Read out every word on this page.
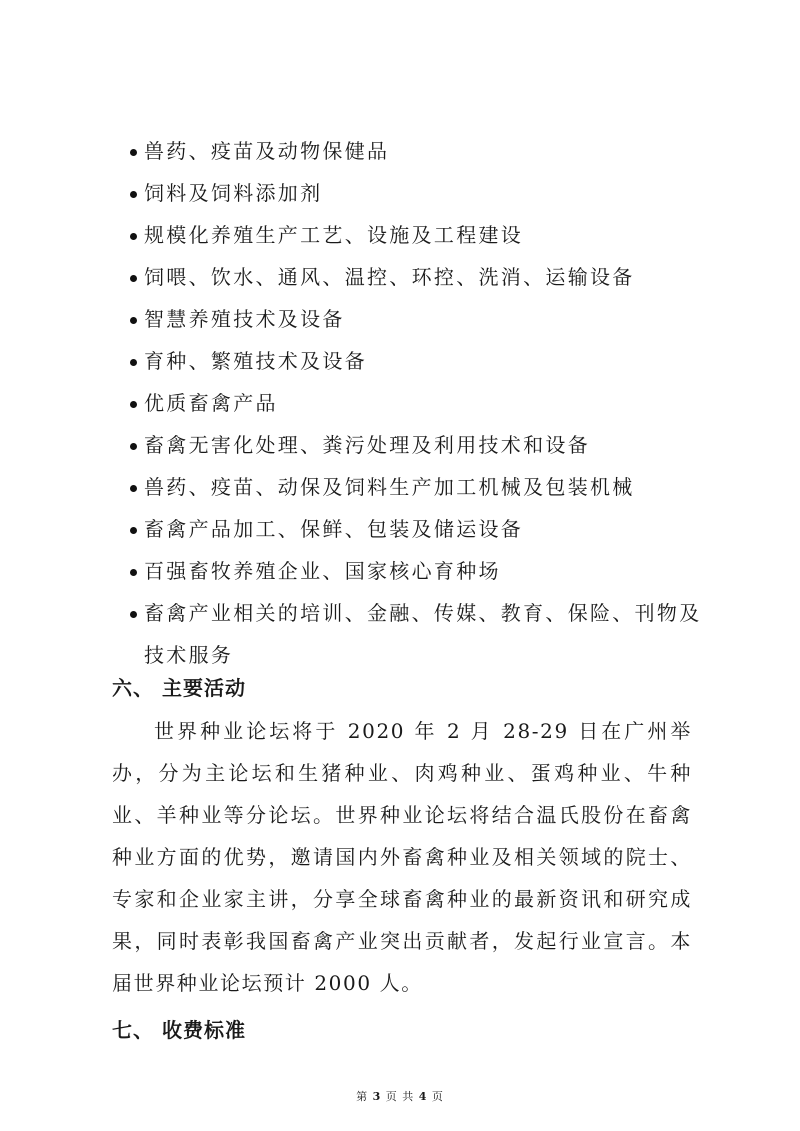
兽药、疫苗及动物保健品
饲料及饲料添加剂
规模化养殖生产工艺、设施及工程建设
饲喂、饮水、通风、温控、环控、洗消、运输设备
智慧养殖技术及设备
育种、繁殖技术及设备
优质畜禽产品
畜禽无害化处理、粪污处理及利用技术和设备
兽药、疫苗、动保及饲料生产加工机械及包装机械
畜禽产品加工、保鲜、包装及储运设备
百强畜牧养殖企业、国家核心育种场
畜禽产业相关的培训、金融、传媒、教育、保险、刊物及技术服务
六、 主要活动
世界种业论坛将于 2020 年 2 月 28-29 日在广州举办，分为主论坛和生猪种业、肉鸡种业、蛋鸡种业、牛种业、羊种业等分论坛。世界种业论坛将结合温氏股份在畜禽种业方面的优势，邀请国内外畜禽种业及相关领域的院士、专家和企业家主讲，分享全球畜禽种业的最新资讯和研究成果，同时表彰我国畜禽产业突出贡献者，发起行业宣言。本届世界种业论坛预计 2000 人。
七、 收费标准
第 3 页 共 4 页
